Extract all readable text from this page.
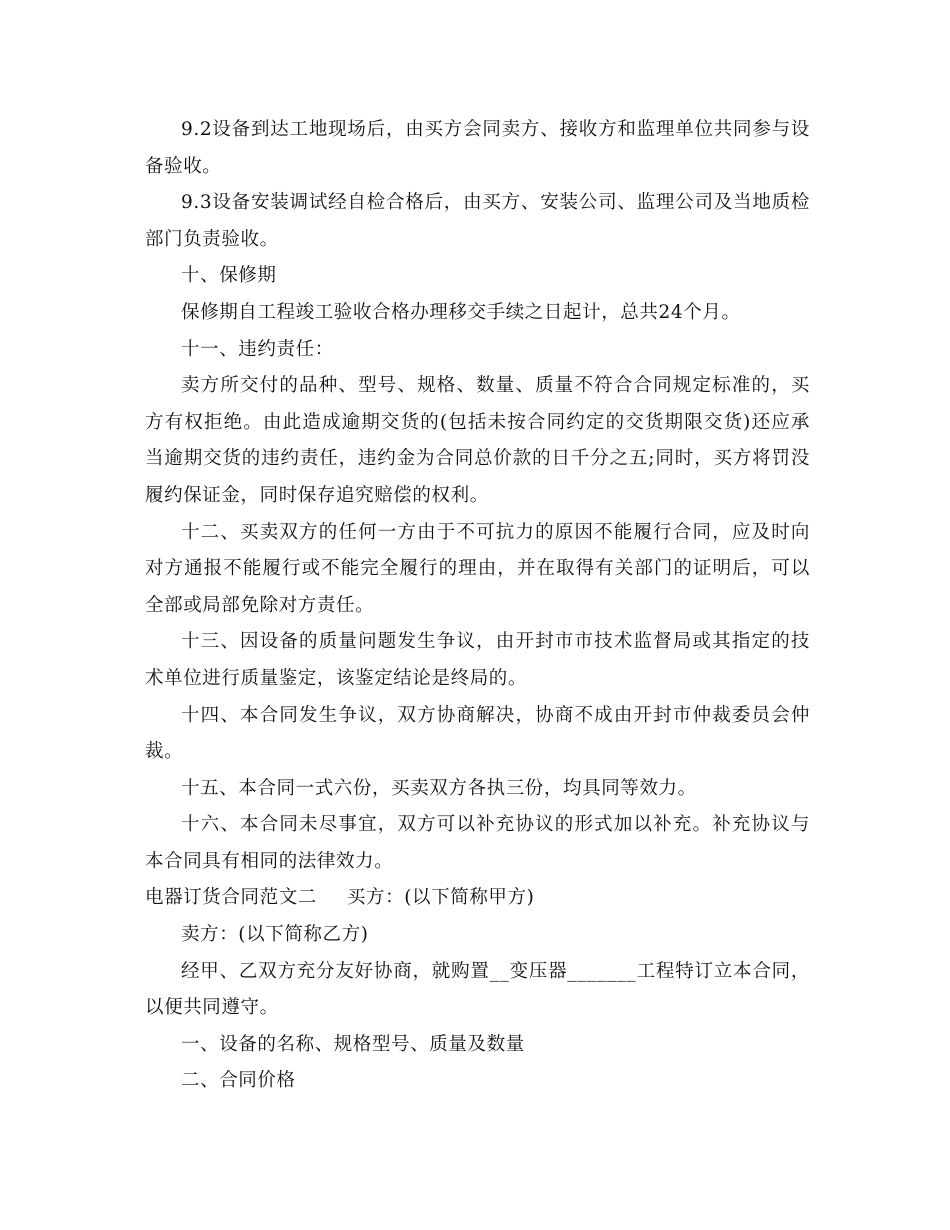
9.2设备到达工地现场后，由买方会同卖方、接收方和监理单位共同参与设备验收。

9.3设备安装调试经自检合格后，由买方、安装公司、监理公司及当地质检部门负责验收。

十、保修期

保修期自工程竣工验收合格办理移交手续之日起计，总共24个月。

十一、违约责任：

卖方所交付的品种、型号、规格、数量、质量不符合合同规定标准的，买方有权拒绝。由此造成逾期交货的(包括未按合同约定的交货期限交货)还应承当逾期交货的违约责任，违约金为合同总价款的日千分之五;同时，买方将罚没履约保证金，同时保存追究赔偿的权利。

十二、买卖双方的任何一方由于不可抗力的原因不能履行合同，应及时向对方通报不能履行或不能完全履行的理由，并在取得有关部门的证明后，可以全部或局部免除对方责任。

十三、因设备的质量问题发生争议，由开封市市技术监督局或其指定的技术单位进行质量鉴定，该鉴定结论是终局的。

十四、本合同发生争议，双方协商解决，协商不成由开封市仲裁委员会仲裁。

十五、本合同一式六份，买卖双方各执三份，均具同等效力。

十六、本合同未尽事宜，双方可以补充协议的形式加以补充。补充协议与本合同具有相同的法律效力。

电器订货合同范文二 买方：(以下简称甲方)

卖方：(以下简称乙方)

经甲、乙双方充分友好协商，就购置__变压器_______工程特订立本合同，以便共同遵守。

一、设备的名称、规格型号、质量及数量

二、合同价格
